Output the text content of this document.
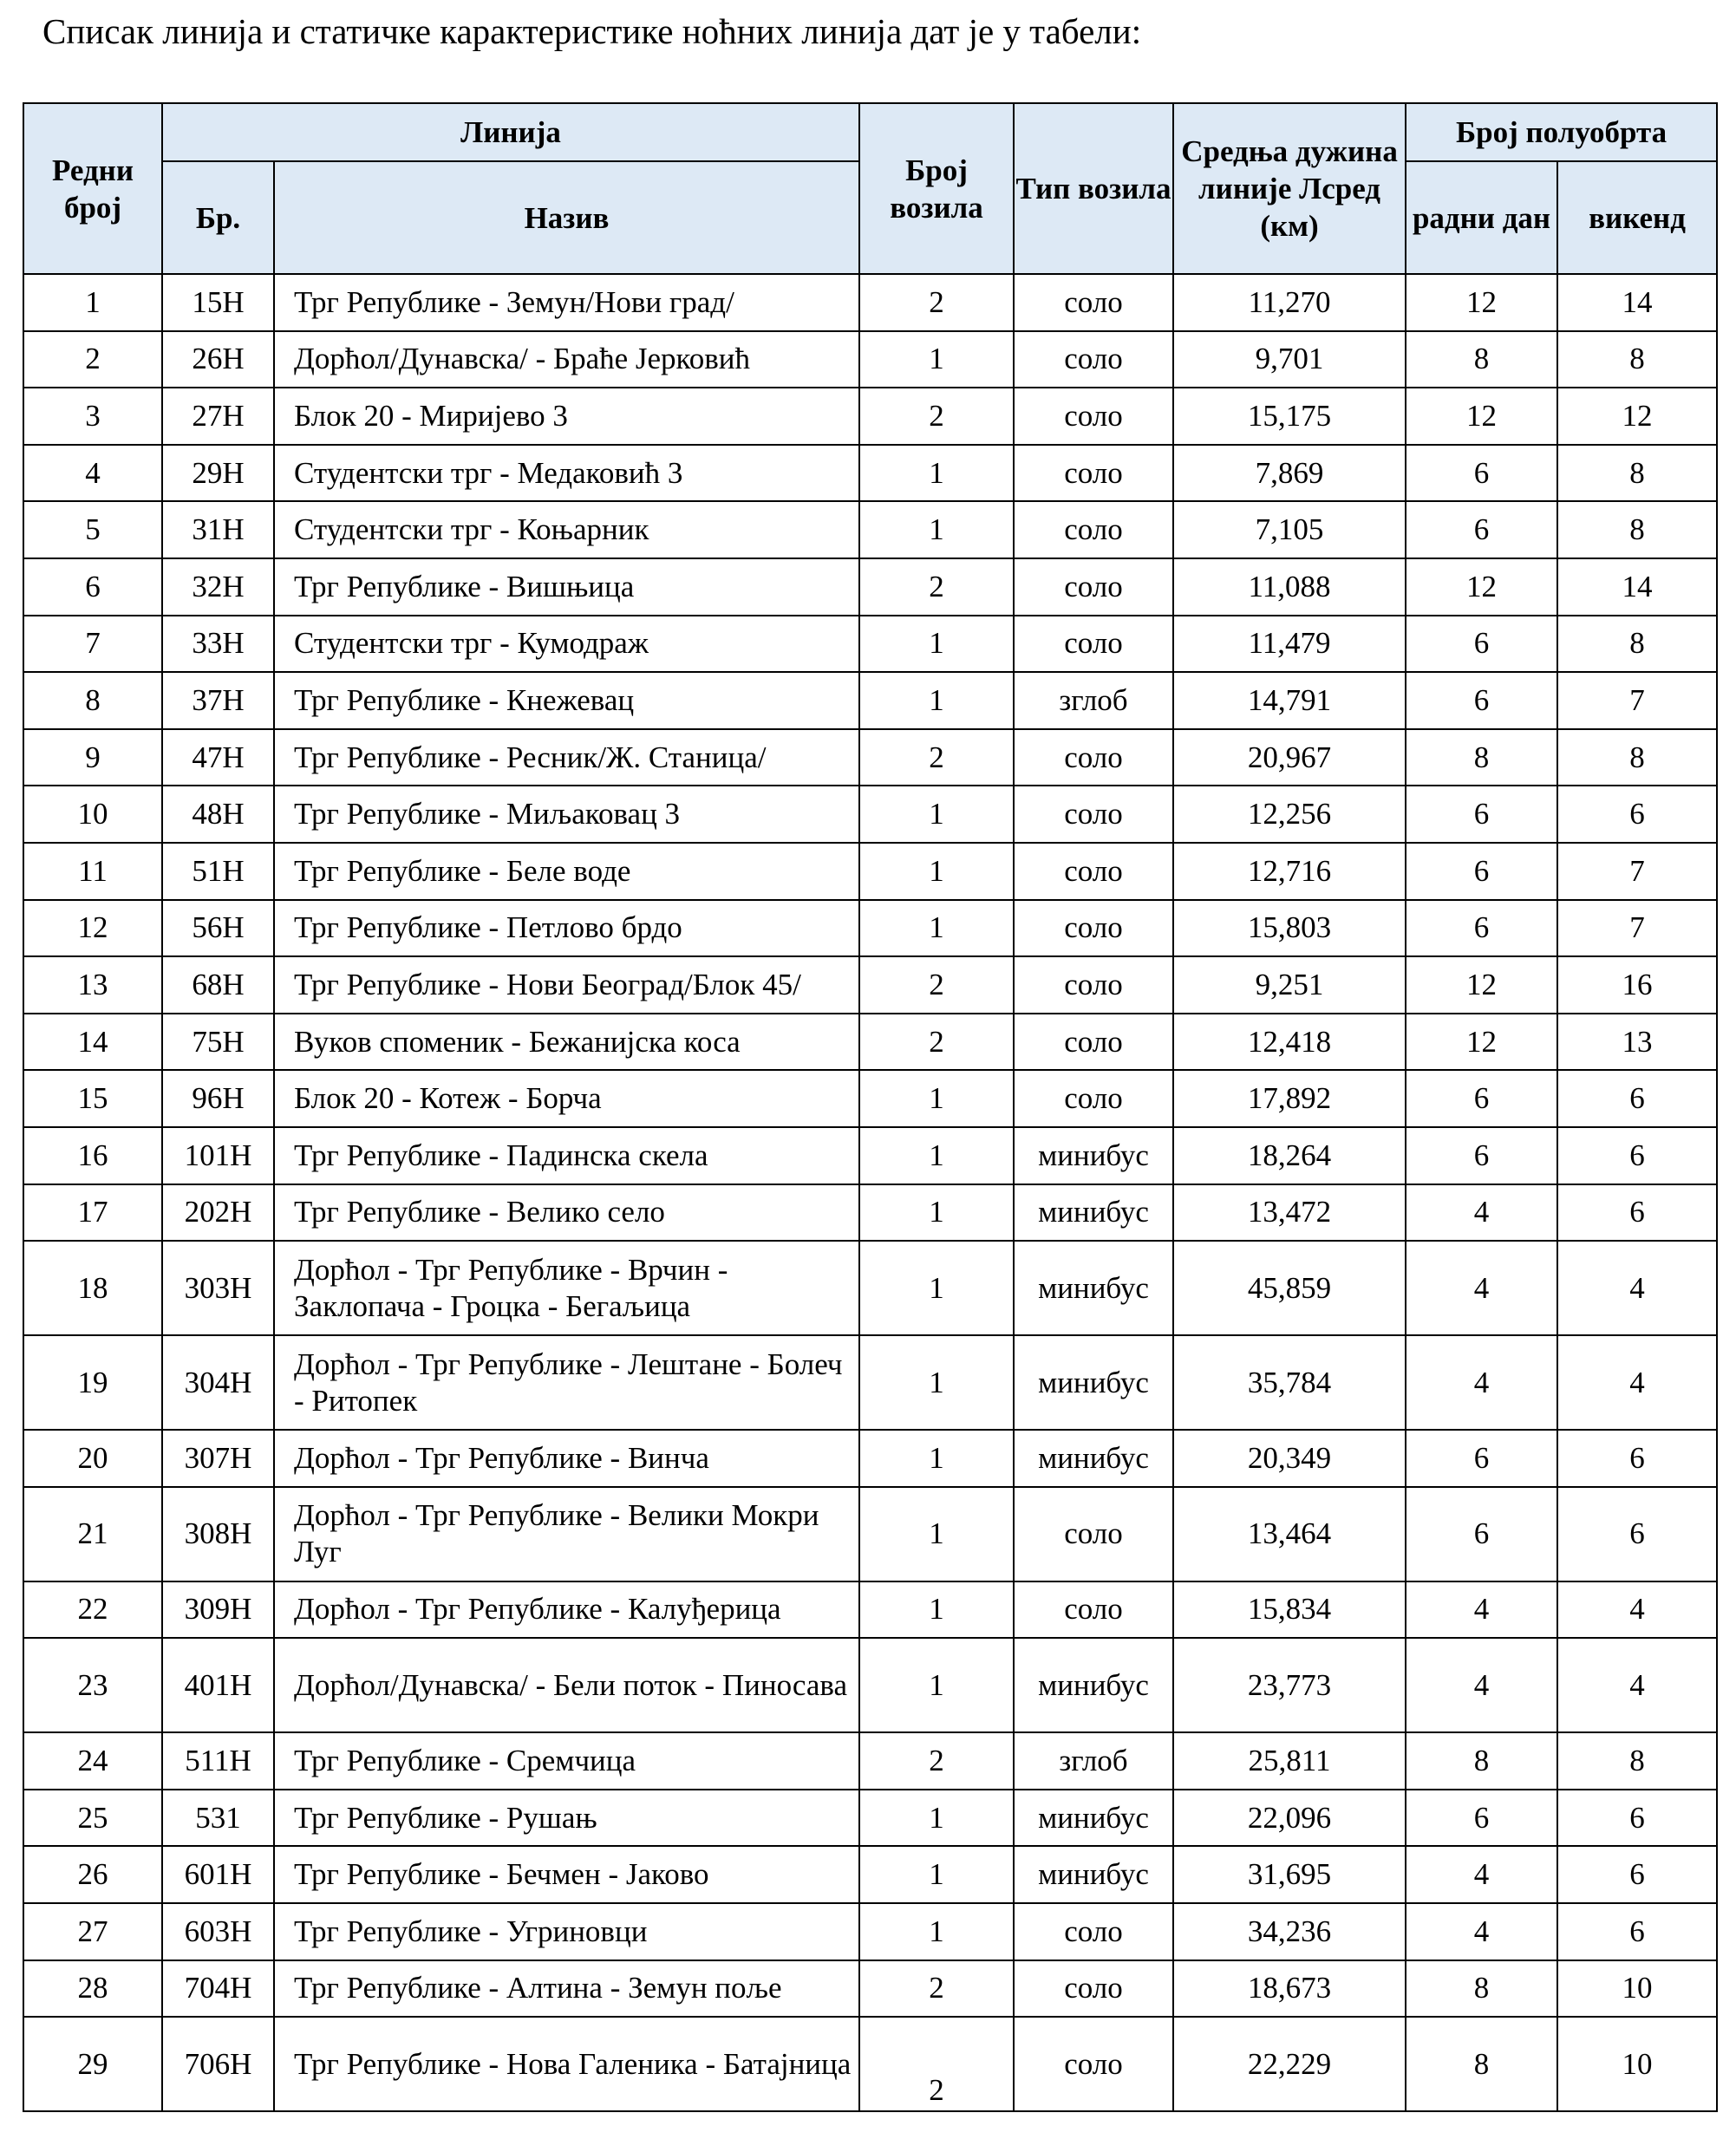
Списак линија и статичке карактеристике ноћних линија дат је у табели:
Редни број	Линија		Број возила	Тип возила	Средња дужина линије Лсред (км)	Број полуобрта	
	Бр.	Назив				радни дан	викенд
1	15Н	Трг Републике - Земун/Нови град/	2	соло	11,270	12	14
2	26Н	Дорћол/Дунавска/ - Браће Јерковић	1	соло	9,701	8	8
3	27Н	Блок 20 - Миријево 3	2	соло	15,175	12	12
4	29Н	Студентски трг - Медаковић 3	1	соло	7,869	6	8
5	31Н	Студентски трг - Коњарник	1	соло	7,105	6	8
6	32Н	Трг Републике - Вишњица	2	соло	11,088	12	14
7	33Н	Студентски трг - Кумодраж	1	соло	11,479	6	8
8	37Н	Трг Републике - Кнежевац	1	зглоб	14,791	6	7
9	47Н	Трг Републике - Ресник/Ж. Станица/	2	соло	20,967	8	8
10	48Н	Трг Републике - Миљаковац 3	1	соло	12,256	6	6
11	51Н	Трг Републике - Беле воде	1	соло	12,716	6	7
12	56Н	Трг Републике - Петлово брдо	1	соло	15,803	6	7
13	68Н	Трг Републике - Нови Београд/Блок 45/	2	соло	9,251	12	16
14	75Н	Вуков споменик - Бежанијска коса	2	соло	12,418	12	13
15	96Н	Блок 20 - Котеж - Борча	1	соло	17,892	6	6
16	101Н	Трг Републике - Падинска скела	1	минибус	18,264	6	6
17	202Н	Трг Републике - Велико село	1	минибус	13,472	4	6
18	303Н	Дорћол - Трг Републике - Врчин - Заклопача - Гроцка - Бегаљица	1	минибус	45,859	4	4
19	304Н	Дорћол - Трг Републике - Лештане - Болеч - Ритопек	1	минибус	35,784	4	4
20	307Н	Дорћол - Трг Републике - Винча	1	минибус	20,349	6	6
21	308Н	Дорћол - Трг Републике - Велики Мокри Луг	1	соло	13,464	6	6
22	309Н	Дорћол - Трг Републике - Калуђерица	1	соло	15,834	4	4
23	401Н	Дорћол/Дунавска/ - Бели поток - Пиносава	1	минибус	23,773	4	4
24	511Н	Трг Републике - Сремчица	2	зглоб	25,811	8	8
25	531	Трг Републике - Рушањ	1	минибус	22,096	6	6
26	601Н	Трг Републике - Бечмен - Јаково	1	минибус	31,695	4	6
27	603Н	Трг Републике - Угриновци	1	соло	34,236	4	6
28	704Н	Трг Републике - Алтина - Земун поље	2	соло	18,673	8	10
29	706Н	Трг Републике - Нова Галеника - Батајница	2	соло	22,229	8	10
